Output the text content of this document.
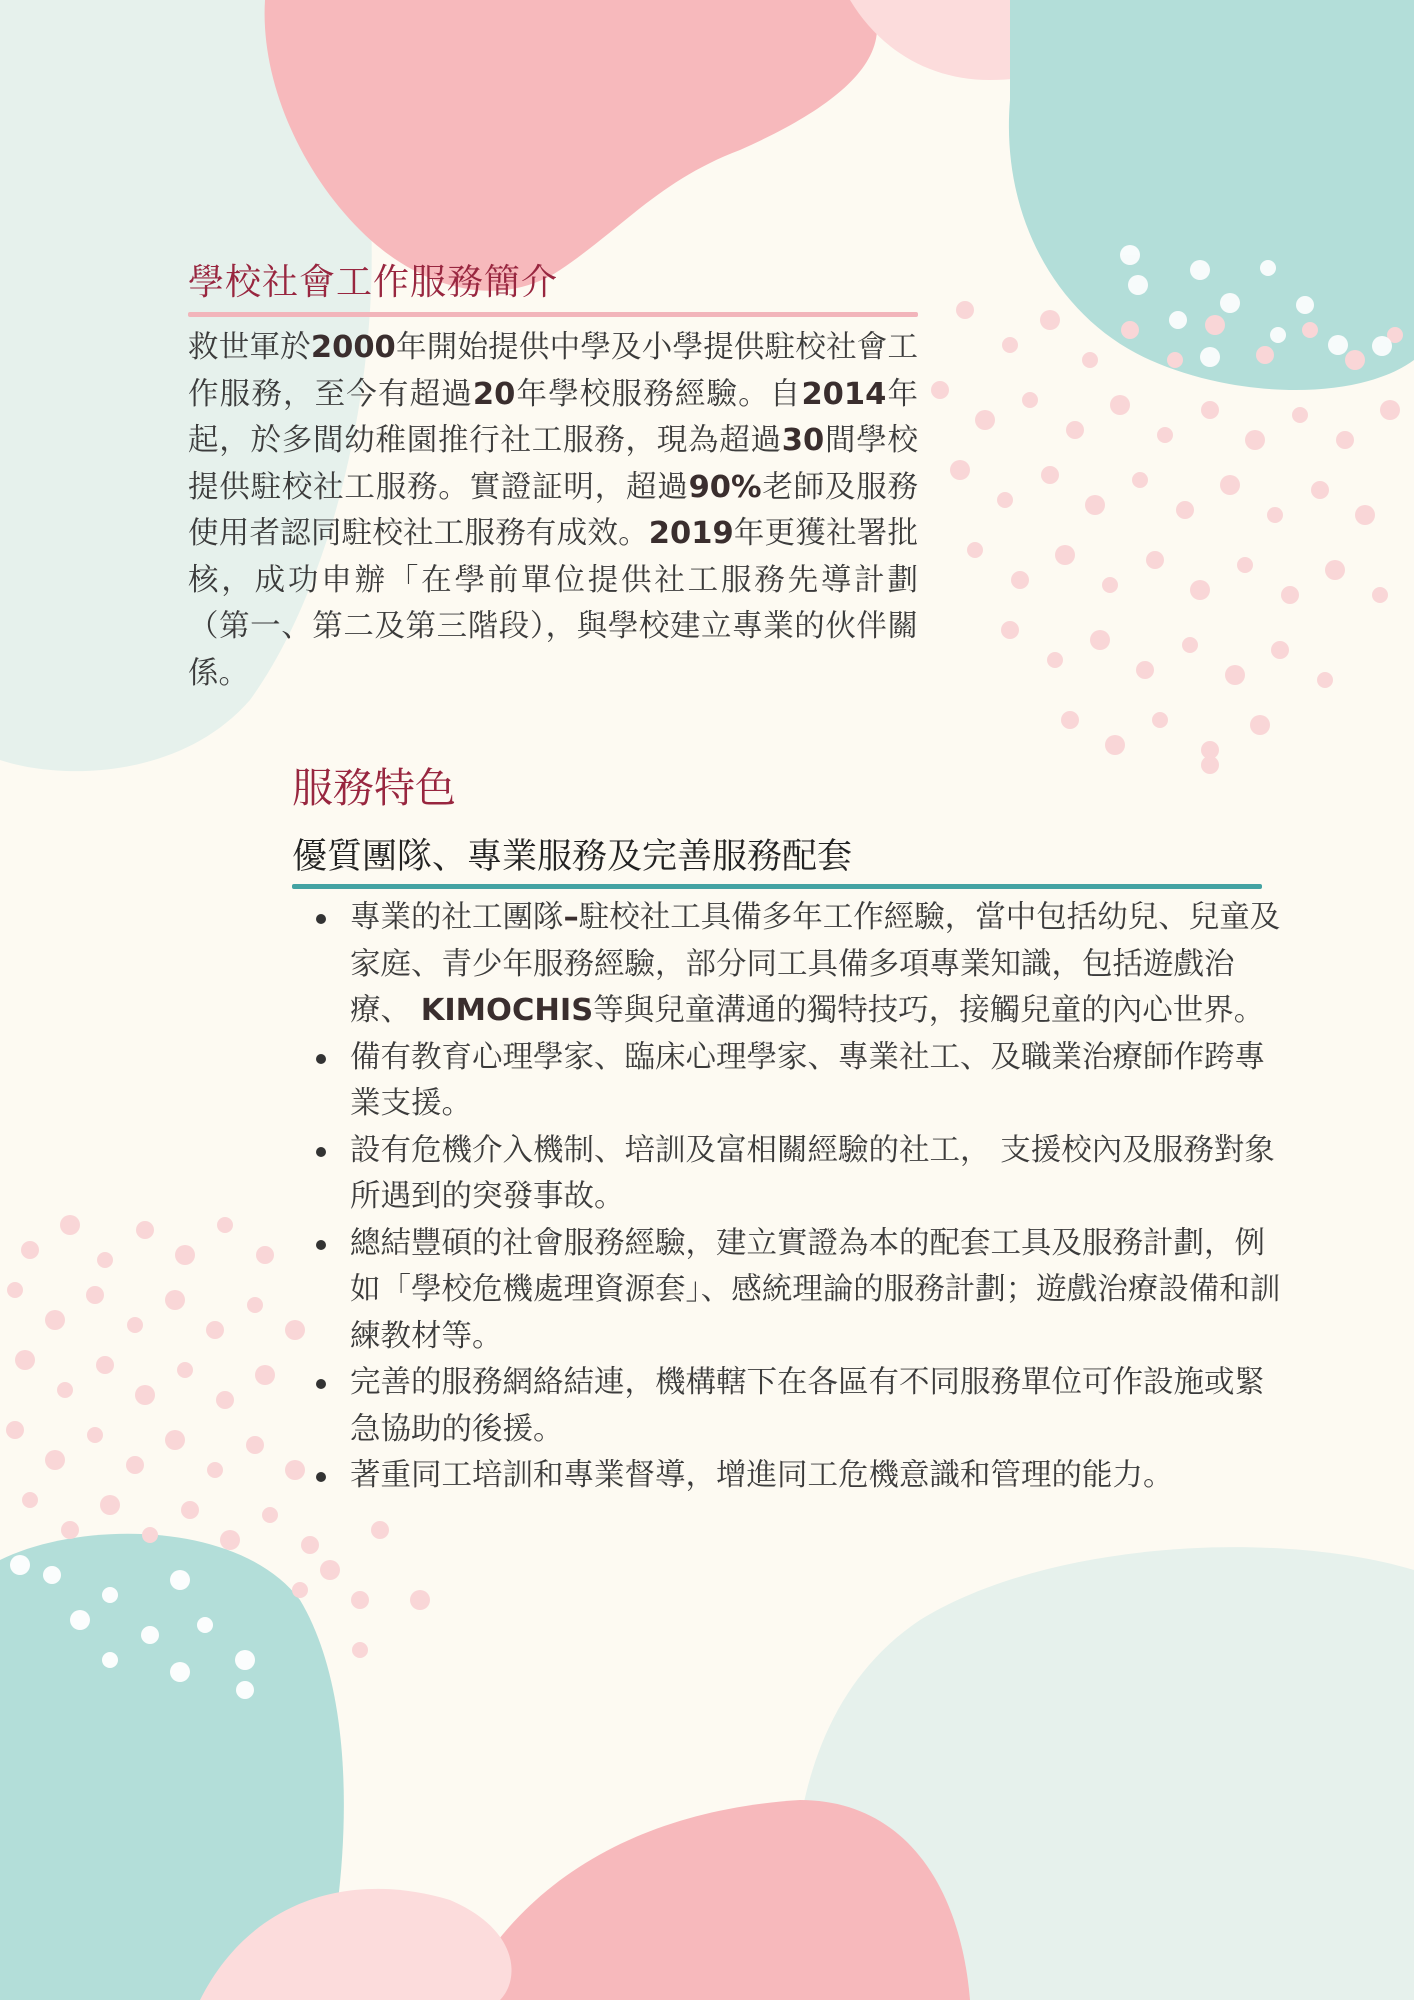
學校社會工作服務簡介

救世軍於2000年開始提供中學及小學提供駐校社會工作服務，至今有超過20年學校服務經驗。自2014年起，於多間幼稚園推行社工服務，現為超過30間學校提供駐校社工服務。實證証明，超過90%老師及服務使用者認同駐校社工服務有成效。2019年更獲社署批核，成功申辦「在學前單位提供社工服務先導計劃（第一、第二及第三階段），與學校建立專業的伙伴關係。

服務特色
優質團隊、專業服務及完善服務配套
專業的社工團隊–駐校社工具備多年工作經驗，當中包括幼兒、兒童及家庭、青少年服務經驗，部分同工具備多項專業知識，包括遊戲治療、 KIMOCHIS等與兒童溝通的獨特技巧，接觸兒童的內心世界。
備有教育心理學家、臨床心理學家、專業社工、及職業治療師作跨專業支援。
設有危機介入機制、培訓及富相關經驗的社工， 支援校內及服務對象所遇到的突發事故。
總結豐碩的社會服務經驗，建立實證為本的配套工具及服務計劃，例如「學校危機處理資源套」、感統理論的服務計劃；遊戲治療設備和訓練教材等。
完善的服務網絡結連，機構轄下在各區有不同服務單位可作設施或緊急協助的後援。
著重同工培訓和專業督導，增進同工危機意識和管理的能力。
